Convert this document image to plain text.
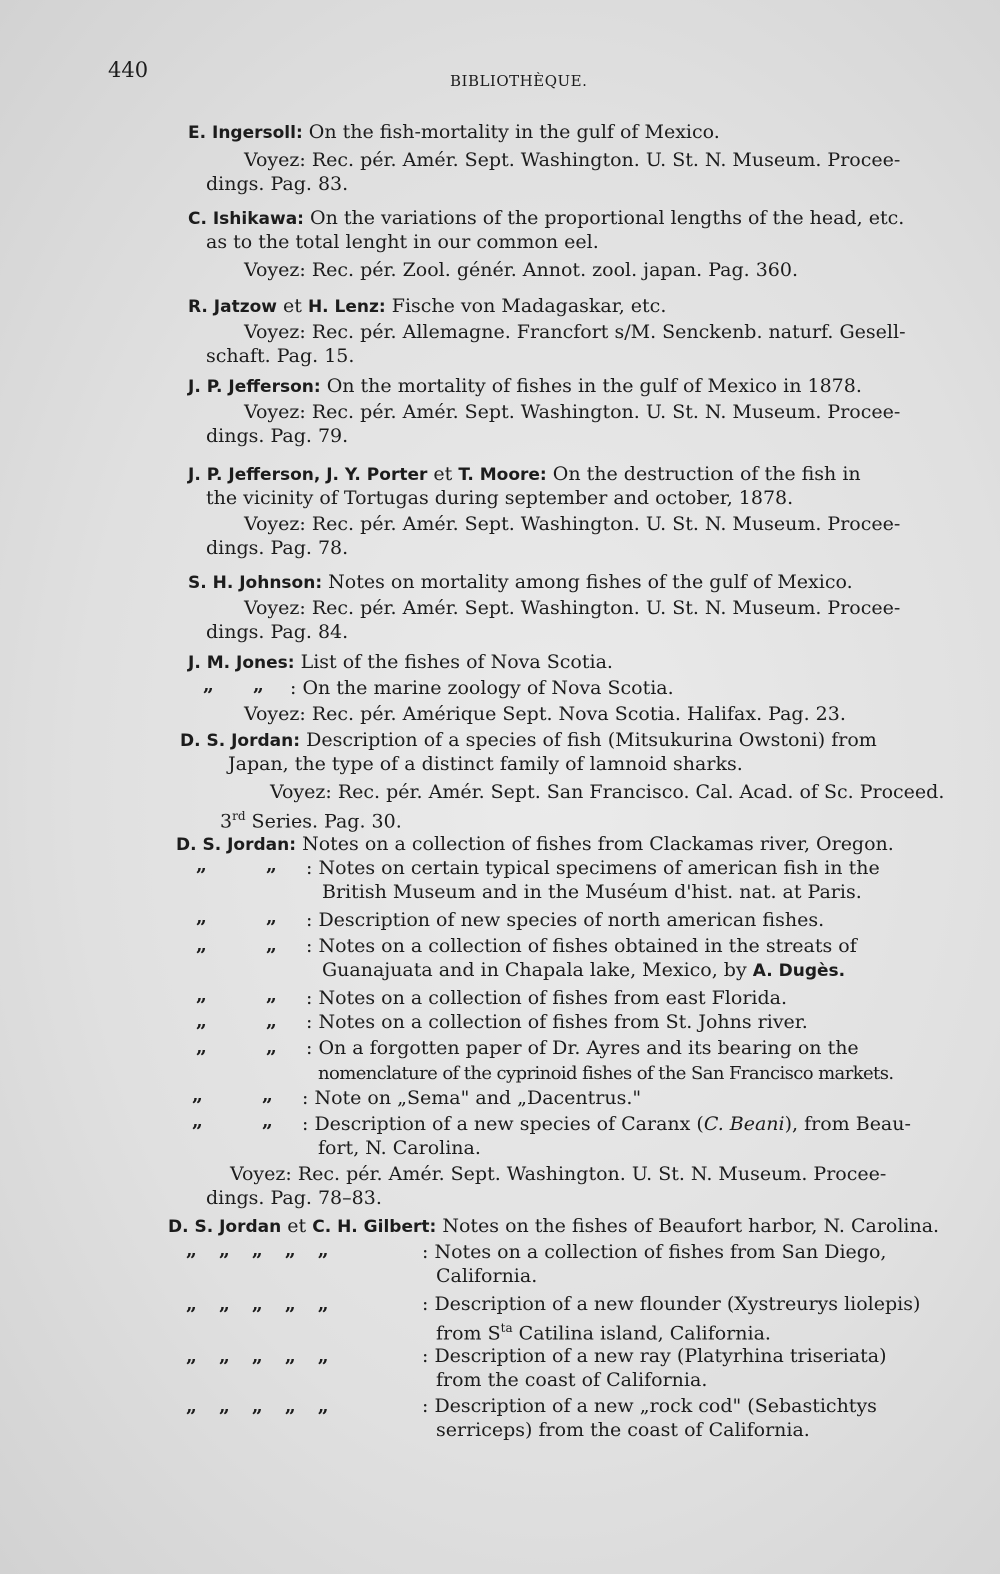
440	BIBLIOTHÈQUE.
E. Ingersoll: On the fish-mortality in the gulf of Mexico.
Voyez: Rec. pér. Amér. Sept. Washington. U. St. N. Museum. Procee-
dings. Pag. 83.
C. Ishikawa: On the variations of the proportional lengths of the head, etc.
as to the total lenght in our common eel.
Voyez: Rec. pér. Zool. génér. Annot. zool. japan. Pag. 360.
R. Jatzow et H. Lenz: Fische von Madagaskar, etc.
Voyez: Rec. pér. Allemagne. Francfort s/M. Senckenb. naturf. Gesell-
schaft. Pag. 15.
J. P. Jefferson: On the mortality of fishes in the gulf of Mexico in 1878.
Voyez: Rec. pér. Amér. Sept. Washington. U. St. N. Museum. Procee-
dings. Pag. 79.
J. P. Jefferson, J. Y. Porter et T. Moore: On the destruction of the fish in
the vicinity of Tortugas during september and october, 1878.
Voyez: Rec. pér. Amér. Sept. Washington. U. St. N. Museum. Procee-
dings. Pag. 78.
S. H. Johnson: Notes on mortality among fishes of the gulf of Mexico.
Voyez: Rec. pér. Amér. Sept. Washington. U. St. N. Museum. Procee-
dings. Pag. 84.
J. M. Jones: List of the fishes of Nova Scotia.
„ „ : On the marine zoology of Nova Scotia.
Voyez: Rec. pér. Amérique Sept. Nova Scotia. Halifax. Pag. 23.
D. S. Jordan: Description of a species of fish (Mitsukurina Owstoni) from
Japan, the type of a distinct family of lamnoid sharks.
Voyez: Rec. pér. Amér. Sept. San Francisco. Cal. Acad. of Sc. Proceed.
3rd Series. Pag. 30.
D. S. Jordan: Notes on a collection of fishes from Clackamas river, Oregon.
„	„ : Notes on certain typical specimens of american fish in the
British Museum and in the Muséum d'hist. nat. at Paris.
„	„ : Description of new species of north american fishes.
„	„ : Notes on a collection of fishes obtained in the streats of
Guanajuata and in Chapala lake, Mexico, by A. Dugès.
„	„ : Notes on a collection of fishes from east Florida.
„	„ : Notes on a collection of fishes from St. Johns river.
„	„ : On a forgotten paper of Dr. Ayres and its bearing on the
nomenclature of the cyprinoid fishes of the San Francisco markets.
„	„ : Note on „Sema" and „Dacentrus."
„	„ : Description of a new species of Caranx (C. Beani), from Beau-
fort, N. Carolina.
Voyez: Rec. pér. Amér. Sept. Washington. U. St. N. Museum. Procee-
dings. Pag. 78–83.
D. S. Jordan et C. H. Gilbert: Notes on the fishes of Beaufort harbor, N. Carolina.
„„„„„	: Notes on a collection of fishes from San Diego,
California.
„„„„„	: Description of a new flounder (Xystreurys liolepis)
from $S^{ta}$ Catilina island, California.
„„„„„	: Description of a new ray (Platyrhina triseriata)
from the coast of California.
„„„„„	: Description of a new „rock cod" (Sebastichtys
serriceps) from the coast of California.
